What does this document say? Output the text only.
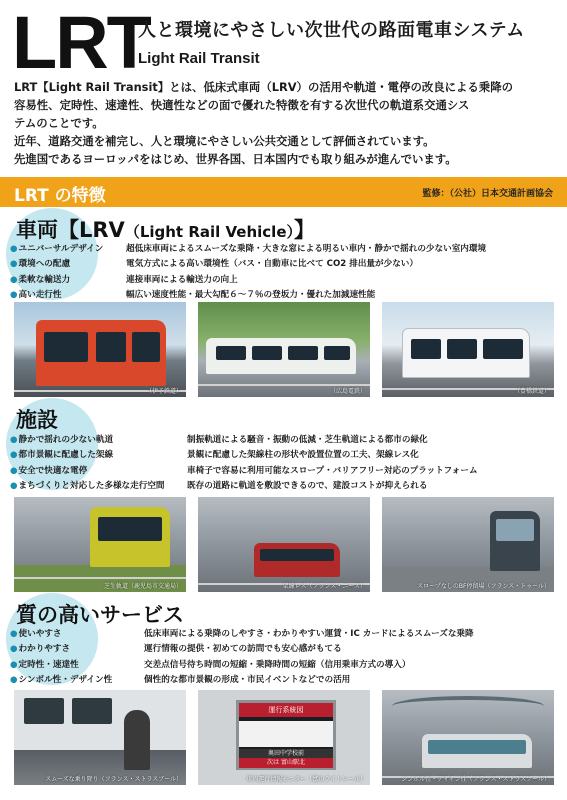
LRT
人と環境にやさしい次世代の路面電車システム
Light Rail Transit

LRT【Light Rail Transit】とは、低床式車両（LRV）の活用や軌道・電停の改良による乗降の

容易性、定時性、速達性、快適性などの面で優れた特徴を有する次世代の軌道系交通シス

テムのことです。

近年、道路交通を補完し、人と環境にやさしい公共交通として評価されています。

先進国であるヨーロッパをはじめ、世界各国、日本国内でも取り組みが進んでいます。

LRT の特徴	監修：（公社）日本交通計画協会
車両【LRV（Light Rail Vehicle）】
●ユニバーサルデザイン	超低床車両によるスムーズな乗降・大きな窓による明るい車内・静かで揺れの少ない室内環境
●環境への配慮	電気方式による高い環境性（バス・自動車に比べて CO2 排出量が少ない）
●柔軟な輸送力	連接車両による輸送力の向上
●高い走行性	幅広い速度性能・最大勾配６～７％の登坂力・優れた加減速性能
（伊予鉄道）	（広島電鉄）	（豊橋鉄道）
施設
●静かで揺れの少ない軌道	制振軌道による騒音・振動の低減・芝生軌道による都市の緑化
●都市景観に配慮した架線	景観に配慮した架線柱の形状や設置位置の工夫、架線レス化
●安全で快適な電停	車椅子で容易に利用可能なスロープ・バリアフリー対応のプラットフォーム
●まちづくりと対応した多様な走行空間	既存の道路に軌道を敷設できるので、建設コストが抑えられる
芝生軌道（鹿児島市交通局）	架線レス（フランス・ニース）	スロープなしのBF停留場（フランス・トゥール）
質の高いサービス
●使いやすさ	低床車両による乗降のしやすさ・わかりやすい運賃・IC カードによるスムーズな乗降
●わかりやすさ	運行情報の提供・初めての訪問でも安心感がもてる
●定時性・速達性	交差点信号待ち時間の短縮・乗降時間の短縮（信用乗車方式の導入）
●シンボル性・デザイン性	個性的な都市景観の形成・市民イベントなどでの活用
スムーズな乗り降り（フランス・ストラスブール）
運行系統図
奥田中学校前
次は 富山駅北
車内運行情報モニター（富山ライトレール）	シンボル性・デザイン性（フランス・ストラスブール）
